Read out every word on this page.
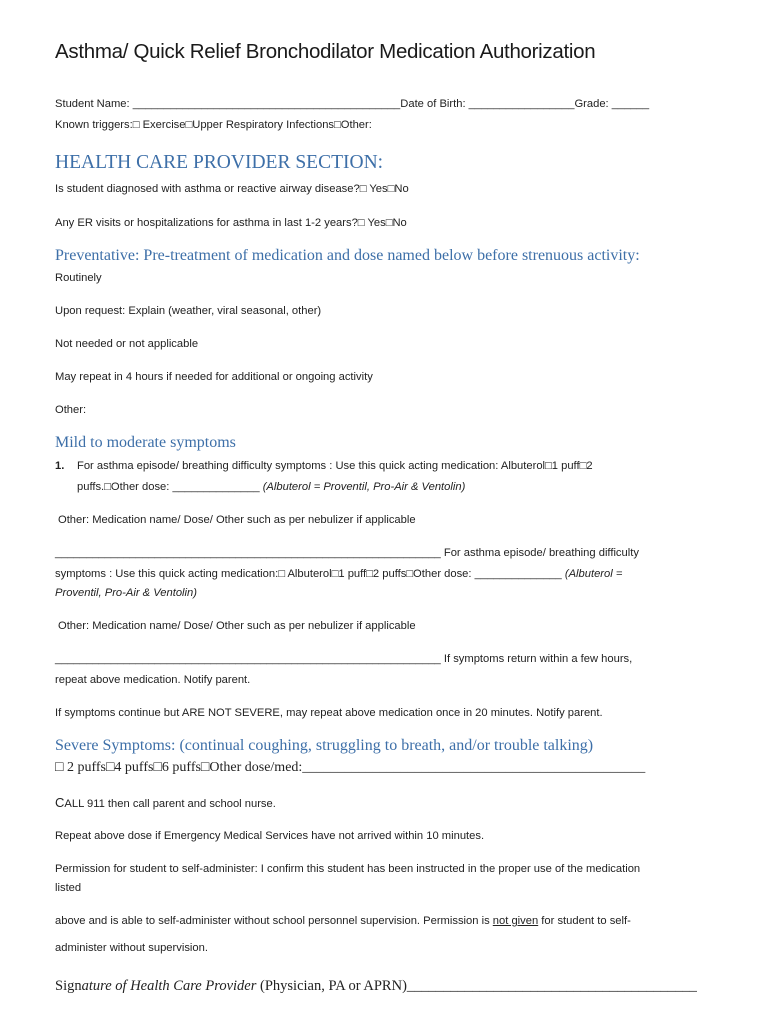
Asthma/ Quick Relief Bronchodilator Medication Authorization
Student Name: ___________________________________________Date of Birth: _________________Grade: ______
Known triggers:□ Exercise□Upper Respiratory Infections□Other:
HEALTH CARE PROVIDER SECTION:
Is student diagnosed with asthma or reactive airway disease?□ Yes□No
Any ER visits or hospitalizations for asthma in last 1-2 years?□ Yes□No
Preventative: Pre-treatment of medication and dose named below before strenuous activity:
Routinely
Upon request: Explain (weather, viral seasonal, other)
Not needed or not applicable
May repeat in 4 hours if needed for additional or ongoing activity
Other:
Mild to moderate symptoms
1. For asthma episode/ breathing difficulty symptoms : Use this quick acting medication: Albuterol□1 puff□2
puffs.□Other dose: ______________ (Albuterol = Proventil, Pro-Air & Ventolin)
Other: Medication name/ Dose/ Other such as per nebulizer if applicable
______________________________________________________________ For asthma episode/ breathing difficulty
symptoms : Use this quick acting medication:□ Albuterol□1 puff□2 puffs□Other dose: ______________ (Albuterol =
Proventil, Pro-Air & Ventolin)
Other: Medication name/ Dose/ Other such as per nebulizer if applicable
______________________________________________________________ If symptoms return within a few hours,
repeat above medication. Notify parent.
If symptoms continue but ARE NOT SEVERE, may repeat above medication once in 20 minutes. Notify parent.
Severe Symptoms: (continual coughing, struggling to breath, and/or trouble talking)
□ 2 puffs□4 puffs□6 puffs□Other dose/med:_________________________________________________
CALL 911 then call parent and school nurse.
Repeat above dose if Emergency Medical Services have not arrived within 10 minutes.
Permission for student to self-administer: I confirm this student has been instructed in the proper use of the medication
listed
above and is able to self-administer without school personnel supervision. Permission is not given for student to self-
administer without supervision.
Signature of Health Care Provider (Physician, PA or APRN)________________________________________
